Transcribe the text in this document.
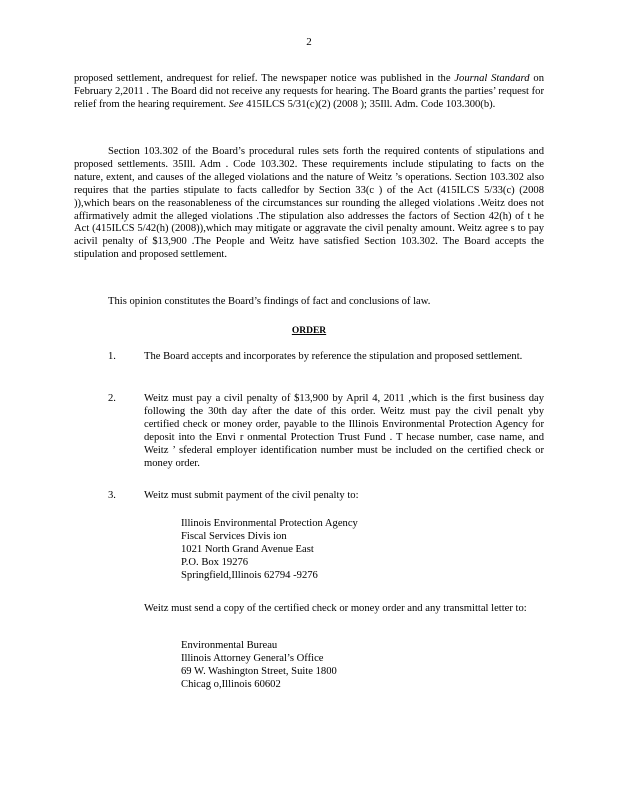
2
proposed settlement, andrequest for relief. The newspaper notice was published in the Journal Standard on February 2,2011 . The Board did not receive any requests for hearing. The Board grants the parties’ request for relief from the hearing requirement. See 415ILCS 5/31(c)(2) (2008 ); 35Ill. Adm. Code 103.300(b).
Section 103.302 of the Board’s procedural rules sets forth the required contents of stipulations and proposed settlements. 35Ill. Adm . Code 103.302. These requirements include stipulating to facts on the nature, extent, and causes of the alleged violations and the nature of Weitz ’s operations. Section 103.302 also requires that the parties stipulate to facts calledfor by Section 33(c ) of the Act (415ILCS 5/33(c) (2008 )),which bears on the reasonableness of the circumstances sur rounding the alleged violations .Weitz does not affirmatively admit the alleged violations .The stipulation also addresses the factors of Section 42(h) of t he Act (415ILCS 5/42(h) (2008)),which may mitigate or aggravate the civil penalty amount. Weitz agree s to pay acivil penalty of $13,900 .The People and Weitz have satisfied Section 103.302. The Board accepts the stipulation and proposed settlement.
This opinion constitutes the Board’s findings of fact and conclusions of law.
ORDER
1.	The Board accepts and incorporates by reference the stipulation and proposed settlement.
2.	Weitz must pay a civil penalty of $13,900 by April 4, 2011 ,which is the first business day following the 30th day after the date of this order. Weitz must pay the civil penalt yby certified check or money order, payable to the Illinois Environmental Protection Agency for deposit into the Envi r onmental Protection Trust Fund . T hecase number, case name, and Weitz ’ sfederal employer identification number must be included on the certified check or money order.
3.	Weitz must submit payment of the civil penalty to:
Illinois Environmental Protection Agency
Fiscal Services Divis ion
1021 North Grand Avenue East
P.O. Box 19276
Springfield,Illinois 62794 -9276
Weitz must send a copy of the certified check or money order and any transmittal letter to:
Environmental Bureau
Illinois Attorney General’s Office
69 W. Washington Street, Suite 1800
Chicag o,Illinois 60602
